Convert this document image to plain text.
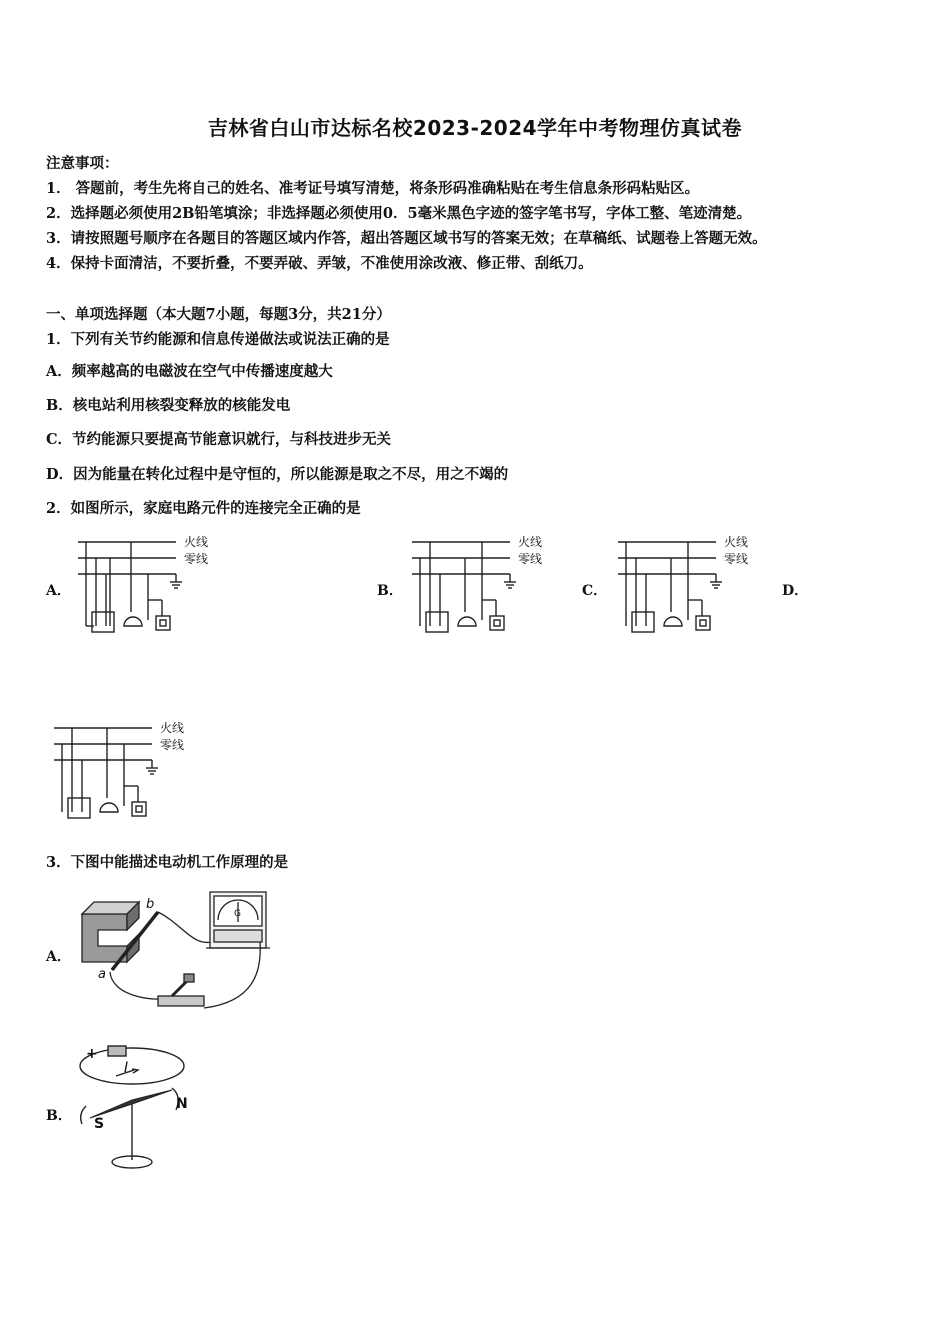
吉林省白山市达标名校2023-2024学年中考物理仿真试卷
注意事项：
1． 答题前，考生先将自己的姓名、准考证号填写清楚，将条形码准确粘贴在考生信息条形码粘贴区。
2．选择题必须使用2B铅笔填涂；非选择题必须使用0．5毫米黑色字迹的签字笔书写，字体工整、笔迹清楚。
3．请按照题号顺序在各题目的答题区域内作答，超出答题区域书写的答案无效；在草稿纸、试题卷上答题无效。
4．保持卡面清洁，不要折叠，不要弄破、弄皱，不准使用涂改液、修正带、刮纸刀。
一、单项选择题（本大题7小题，每题3分，共21分）
1．下列有关节约能源和信息传递做法或说法正确的是
A．频率越高的电磁波在空气中传播速度越大
B．核电站利用核裂变释放的核能发电
C．节约能源只要提高节能意识就行，与科技进步无关
D．因为能量在转化过程中是守恒的，所以能源是取之不尽，用之不竭的
2．如图所示，家庭电路元件的连接完全正确的是
A．	B．	C．	D．
火线
零线
火线
零线
火线
零线
火线
零线
3．下图中能描述电动机工作原理的是
A．
B．
a
b
G
+
I
N
S
